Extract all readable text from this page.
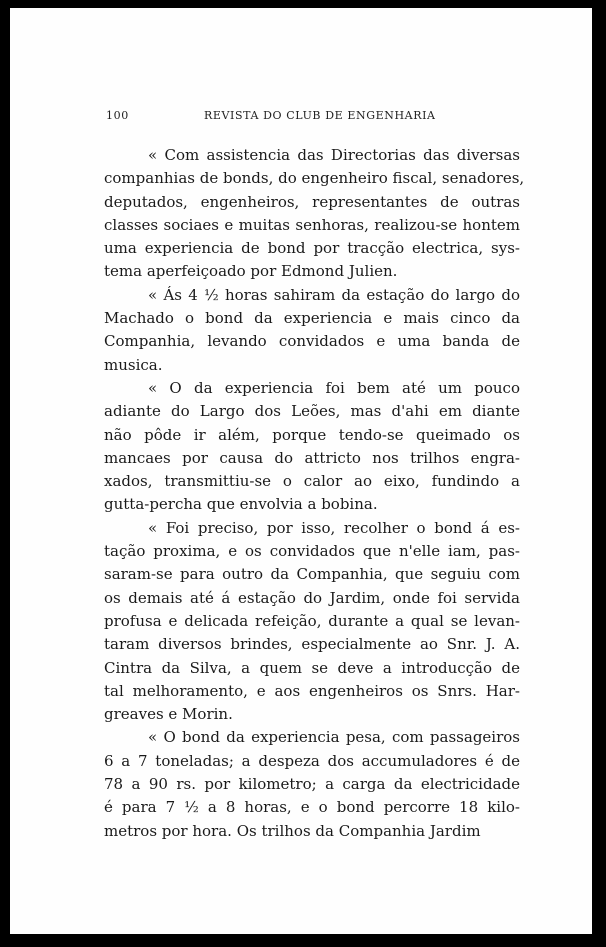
100	REVISTA DO CLUB DE ENGENHARIA
« Com assistencia das Directorias das diversas
companhias de bonds, do engenheiro fiscal, senadores,
deputados, engenheiros, representantes de outras
classes sociaes e muitas senhoras, realizou-se hontem
uma experiencia de bond por tracção electrica, sys-
tema aperfeiçoado por Edmond Julien.
« Ás 4 ½ horas sahiram da estação do largo do
Machado o bond da experiencia e mais cinco da
Companhia, levando convidados e uma banda de
musica.
« O da experiencia foi bem até um pouco
adiante do Largo dos Leões, mas d'ahi em diante
não pôde ir além, porque tendo-se queimado os
mancaes por causa do attricto nos trilhos engra-
xados, transmittiu-se o calor ao eixo, fundindo a
gutta-percha que envolvia a bobina.
« Foi preciso, por isso, recolher o bond á es-
tação proxima, e os convidados que n'elle iam, pas-
saram-se para outro da Companhia, que seguiu com
os demais até á estação do Jardim, onde foi servida
profusa e delicada refeição, durante a qual se levan-
taram diversos brindes, especialmente ao Snr. J. A.
Cintra da Silva, a quem se deve a introducção de
tal melhoramento, e aos engenheiros os Snrs. Har-
greaves e Morin.
« O bond da experiencia pesa, com passageiros
6 a 7 toneladas; a despeza dos accumuladores é de
78 a 90 rs. por kilometro; a carga da electricidade
é para 7 ½ a 8 horas, e o bond percorre 18 kilo-
metros por hora. Os trilhos da Companhia Jardim
